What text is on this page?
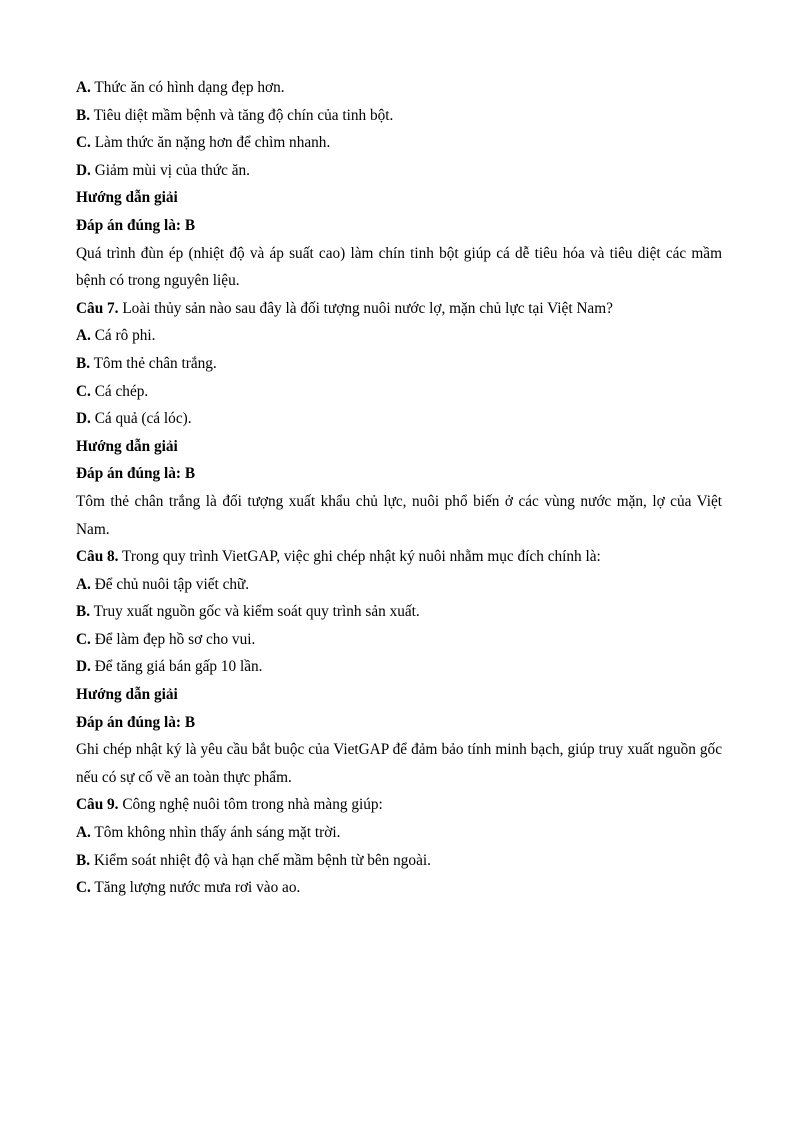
A. Thức ăn có hình dạng đẹp hơn.

B. Tiêu diệt mầm bệnh và tăng độ chín của tinh bột.

C. Làm thức ăn nặng hơn để chìm nhanh.

D. Giảm mùi vị của thức ăn.

Hướng dẫn giải

Đáp án đúng là: B

Quá trình đùn ép (nhiệt độ và áp suất cao) làm chín tinh bột giúp cá dễ tiêu hóa và tiêu diệt các mầm bệnh có trong nguyên liệu.

Câu 7. Loài thủy sản nào sau đây là đối tượng nuôi nước lợ, mặn chủ lực tại Việt Nam?

A. Cá rô phi.

B. Tôm thẻ chân trắng.

C. Cá chép.

D. Cá quả (cá lóc).

Hướng dẫn giải

Đáp án đúng là: B

Tôm thẻ chân trắng là đối tượng xuất khẩu chủ lực, nuôi phổ biến ở các vùng nước mặn, lợ của Việt Nam.

Câu 8. Trong quy trình VietGAP, việc ghi chép nhật ký nuôi nhằm mục đích chính là:

A. Để chủ nuôi tập viết chữ.

B. Truy xuất nguồn gốc và kiểm soát quy trình sản xuất.

C. Để làm đẹp hồ sơ cho vui.

D. Để tăng giá bán gấp 10 lần.

Hướng dẫn giải

Đáp án đúng là: B

Ghi chép nhật ký là yêu cầu bắt buộc của VietGAP để đảm bảo tính minh bạch, giúp truy xuất nguồn gốc nếu có sự cố về an toàn thực phẩm.

Câu 9. Công nghệ nuôi tôm trong nhà màng giúp:

A. Tôm không nhìn thấy ánh sáng mặt trời.

B. Kiểm soát nhiệt độ và hạn chế mầm bệnh từ bên ngoài.

C. Tăng lượng nước mưa rơi vào ao.
